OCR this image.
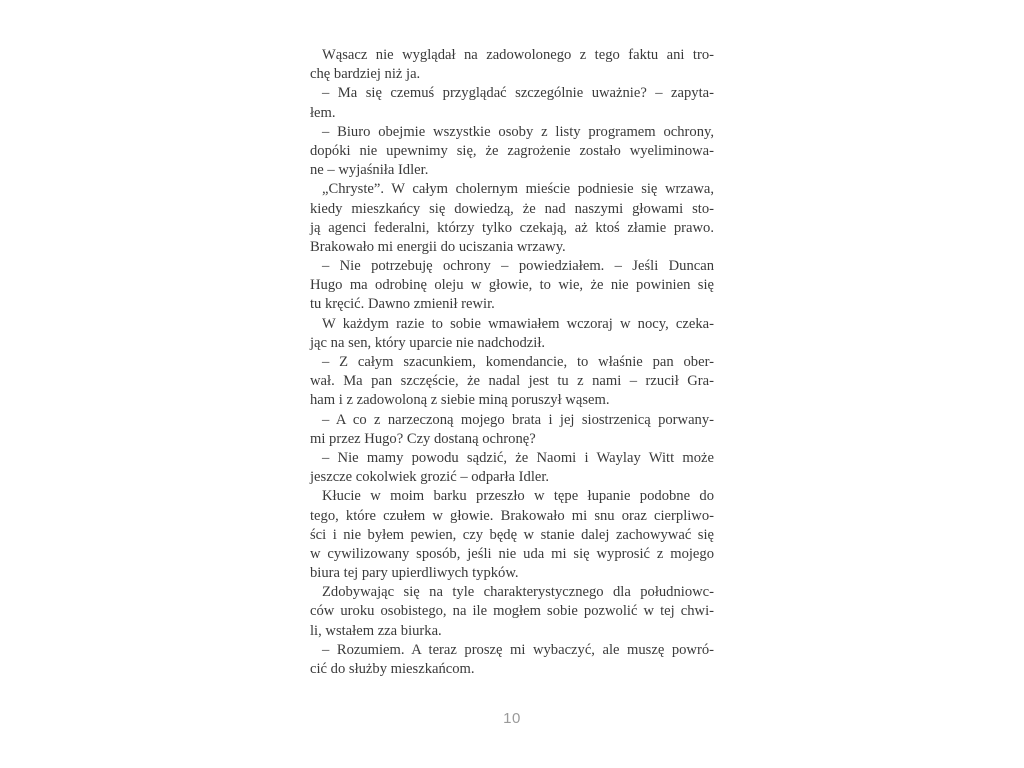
Wąsacz nie wyglądał na zadowolonego z tego faktu ani tro-
chę bardziej niż ja.
– Ma się czemuś przyglądać szczególnie uważnie? – zapyta-
łem.
– Biuro obejmie wszystkie osoby z listy programem ochrony,
dopóki nie upewnimy się, że zagrożenie zostało wyeliminowa-
ne – wyjaśniła Idler.
„Chryste”. W całym cholernym mieście podniesie się wrzawa,
kiedy mieszkańcy się dowiedzą, że nad naszymi głowami sto-
ją agenci federalni, którzy tylko czekają, aż ktoś złamie prawo.
Brakowało mi energii do uciszania wrzawy.
– Nie potrzebuję ochrony – powiedziałem. – Jeśli Duncan
Hugo ma odrobinę oleju w głowie, to wie, że nie powinien się
tu kręcić. Dawno zmienił rewir.
W każdym razie to sobie wmawiałem wczoraj w nocy, czeka-
jąc na sen, który uparcie nie nadchodził.
– Z całym szacunkiem, komendancie, to właśnie pan ober-
wał. Ma pan szczęście, że nadal jest tu z nami – rzucił Gra-
ham i z zadowoloną z siebie miną poruszył wąsem.
– A co z narzeczoną mojego brata i jej siostrzenicą porwany-
mi przez Hugo? Czy dostaną ochronę?
– Nie mamy powodu sądzić, że Naomi i Waylay Witt może
jeszcze cokolwiek grozić – odparła Idler.
Kłucie w moim barku przeszło w tępe łupanie podobne do
tego, które czułem w głowie. Brakowało mi snu oraz cierpliwo-
ści i nie byłem pewien, czy będę w stanie dalej zachowywać się
w cywilizowany sposób, jeśli nie uda mi się wyprosić z mojego
biura tej pary upierdliwych typków.
Zdobywając się na tyle charakterystycznego dla południowc-
ców uroku osobistego, na ile mogłem sobie pozwolić w tej chwi-
li, wstałem zza biurka.
– Rozumiem. A teraz proszę mi wybaczyć, ale muszę powró-
cić do służby mieszkańcom.
10
